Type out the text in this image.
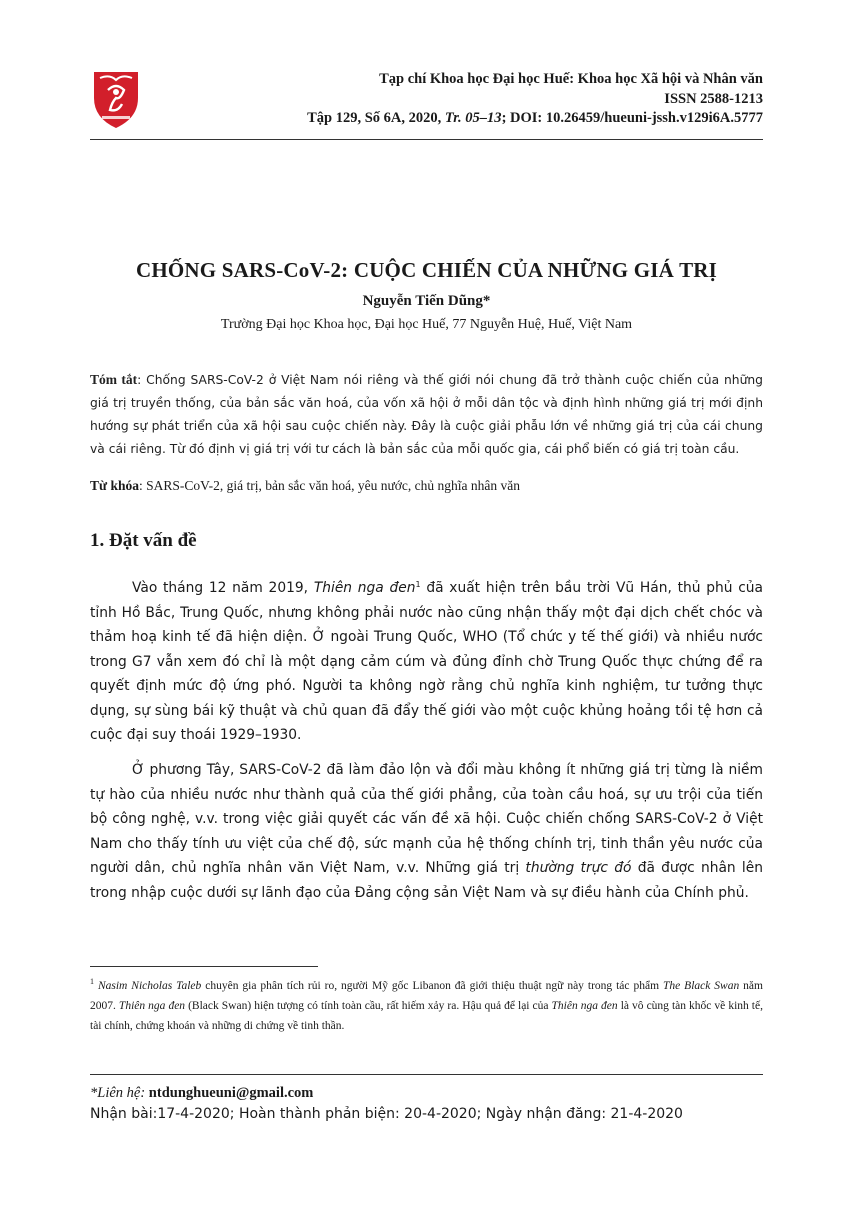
Tạp chí Khoa học Đại học Huế: Khoa học Xã hội và Nhân văn
ISSN 2588-1213
Tập 129, Số 6A, 2020, Tr. 05–13; DOI: 10.26459/hueuni-jssh.v129i6A.5777
CHỐNG SARS-CoV-2: CUỘC CHIẾN CỦA NHỮNG GIÁ TRỊ
Nguyễn Tiến Dũng*
Trường Đại học Khoa học, Đại học Huế, 77 Nguyễn Huệ, Huế, Việt Nam
Tóm tắt: Chống SARS-CoV-2 ở Việt Nam nói riêng và thế giới nói chung đã trở thành cuộc chiến của những giá trị truyền thống, của bản sắc văn hoá, của vốn xã hội ở mỗi dân tộc và định hình những giá trị mới định hướng sự phát triển của xã hội sau cuộc chiến này. Đây là cuộc giải phẫu lớn về những giá trị của cái chung và cái riêng. Từ đó định vị giá trị với tư cách là bản sắc của mỗi quốc gia, cái phổ biến có giá trị toàn cầu.
Từ khóa: SARS-CoV-2, giá trị, bản sắc văn hoá, yêu nước, chủ nghĩa nhân văn
1. Đặt vấn đề
Vào tháng 12 năm 2019, Thiên nga đen$^1$ đã xuất hiện trên bầu trời Vũ Hán, thủ phủ của tỉnh Hồ Bắc, Trung Quốc, nhưng không phải nước nào cũng nhận thấy một đại dịch chết chóc và thảm hoạ kinh tế đã hiện diện. Ở ngoài Trung Quốc, WHO (Tổ chức y tế thế giới) và nhiều nước trong G7 vẫn xem đó chỉ là một dạng cảm cúm và đủng đỉnh chờ Trung Quốc thực chứng để ra quyết định mức độ ứng phó. Người ta không ngờ rằng chủ nghĩa kinh nghiệm, tư tưởng thực dụng, sự sùng bái kỹ thuật và chủ quan đã đẩy thế giới vào một cuộc khủng hoảng tồi tệ hơn cả cuộc đại suy thoái 1929–1930.
Ở phương Tây, SARS-CoV-2 đã làm đảo lộn và đổi màu không ít những giá trị từng là niềm tự hào của nhiều nước như thành quả của thế giới phẳng, của toàn cầu hoá, sự ưu trội của tiến bộ công nghệ, v.v. trong việc giải quyết các vấn đề xã hội. Cuộc chiến chống SARS-CoV-2 ở Việt Nam cho thấy tính ưu việt của chế độ, sức mạnh của hệ thống chính trị, tinh thần yêu nước của người dân, chủ nghĩa nhân văn Việt Nam, v.v. Những giá trị thường trực đó đã được nhân lên trong nhập cuộc dưới sự lãnh đạo của Đảng cộng sản Việt Nam và sự điều hành của Chính phủ.
$^1$ Nasim Nicholas Taleb chuyên gia phân tích rủi ro, người Mỹ gốc Libanon đã giới thiệu thuật ngữ này trong tác phẩm The Black Swan năm 2007. Thiên nga đen (Black Swan) hiện tượng có tính toàn cầu, rất hiếm xảy ra. Hậu quả để lại của Thiên nga đen là vô cùng tàn khốc về kinh tế, tài chính, chứng khoán và những di chứng về tinh thần.
*Liên hệ: ntdunghueuni@gmail.com
Nhận bài:17-4-2020; Hoàn thành phản biện: 20-4-2020; Ngày nhận đăng: 21-4-2020
